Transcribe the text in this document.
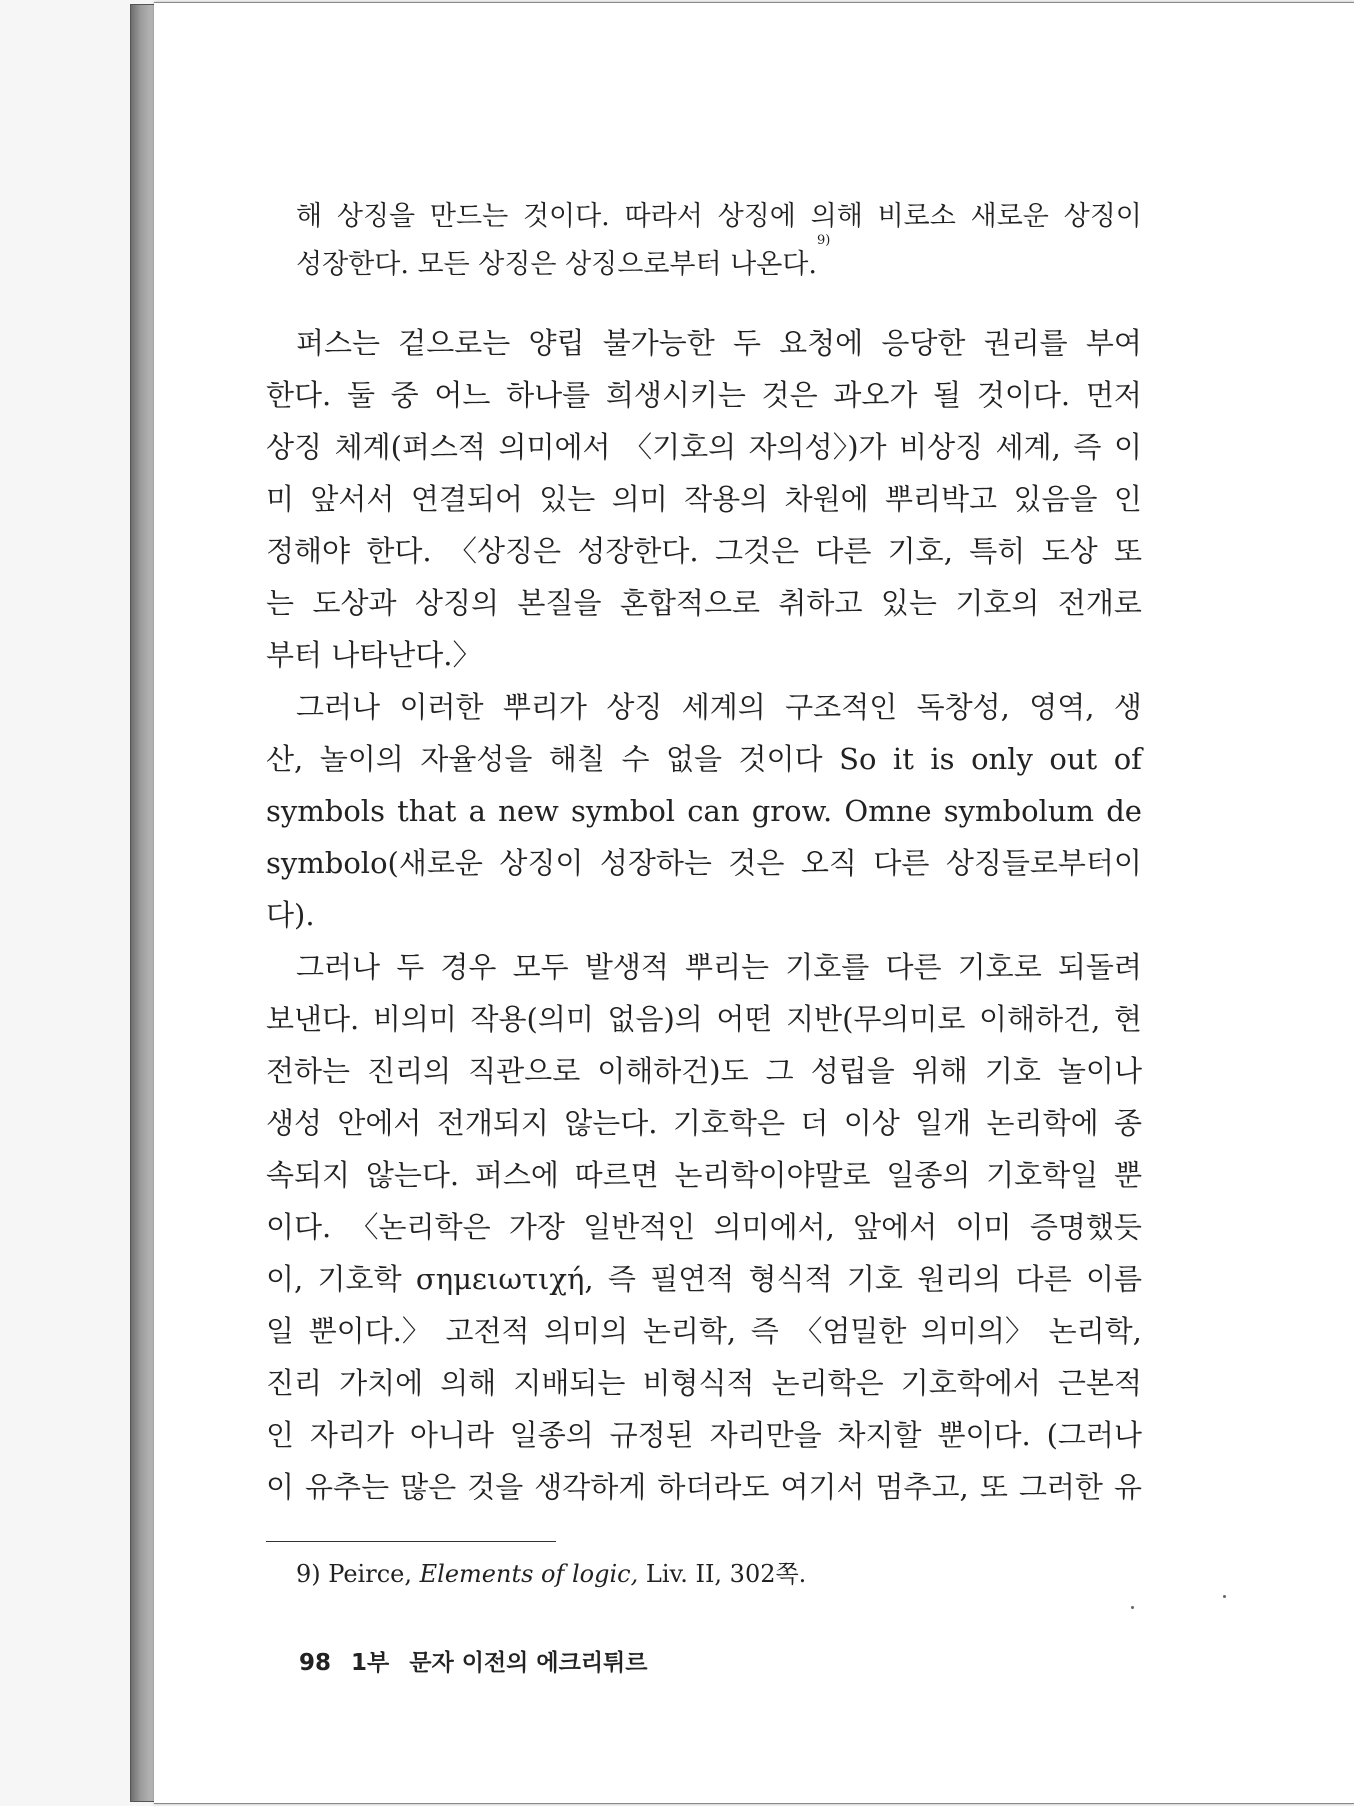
해 상징을 만드는 것이다. 따라서 상징에 의해 비로소 새로운 상징이
성장한다. 모든 상징은 상징으로부터 나온다.
9)
퍼스는 겉으로는 양립 불가능한 두 요청에 응당한 권리를 부여
한다. 둘 중 어느 하나를 희생시키는 것은 과오가 될 것이다. 먼저
상징 체계(퍼스적 의미에서 〈기호의 자의성〉)가 비상징 세계, 즉 이
미 앞서서 연결되어 있는 의미 작용의 차원에 뿌리박고 있음을 인
정해야 한다. 〈상징은 성장한다. 그것은 다른 기호, 특히 도상 또
는 도상과 상징의 본질을 혼합적으로 취하고 있는 기호의 전개로
부터 나타난다.〉
그러나 이러한 뿌리가 상징 세계의 구조적인 독창성, 영역, 생
산, 놀이의 자율성을 해칠 수 없을 것이다 So it is only out of
symbols that a new symbol can grow. Omne symbolum de
symbolo(새로운 상징이 성장하는 것은 오직 다른 상징들로부터이
다).
그러나 두 경우 모두 발생적 뿌리는 기호를 다른 기호로 되돌려
보낸다. 비의미 작용(의미 없음)의 어떤 지반(무의미로 이해하건, 현
전하는 진리의 직관으로 이해하건)도 그 성립을 위해 기호 놀이나
생성 안에서 전개되지 않는다. 기호학은 더 이상 일개 논리학에 종
속되지 않는다. 퍼스에 따르면 논리학이야말로 일종의 기호학일 뿐
이다. 〈논리학은 가장 일반적인 의미에서, 앞에서 이미 증명했듯
이, 기호학 σημειωτιχή, 즉 필연적 형식적 기호 원리의 다른 이름
일 뿐이다.〉 고전적 의미의 논리학, 즉 〈엄밀한 의미의〉 논리학,
진리 가치에 의해 지배되는 비형식적 논리학은 기호학에서 근본적
인 자리가 아니라 일종의 규정된 자리만을 차지할 뿐이다. (그러나
이 유추는 많은 것을 생각하게 하더라도 여기서 멈추고, 또 그러한 유
9) Peirce, Elements of logic, Liv. II, 302쪽.
98 1부 문자 이전의 에크리튀르
